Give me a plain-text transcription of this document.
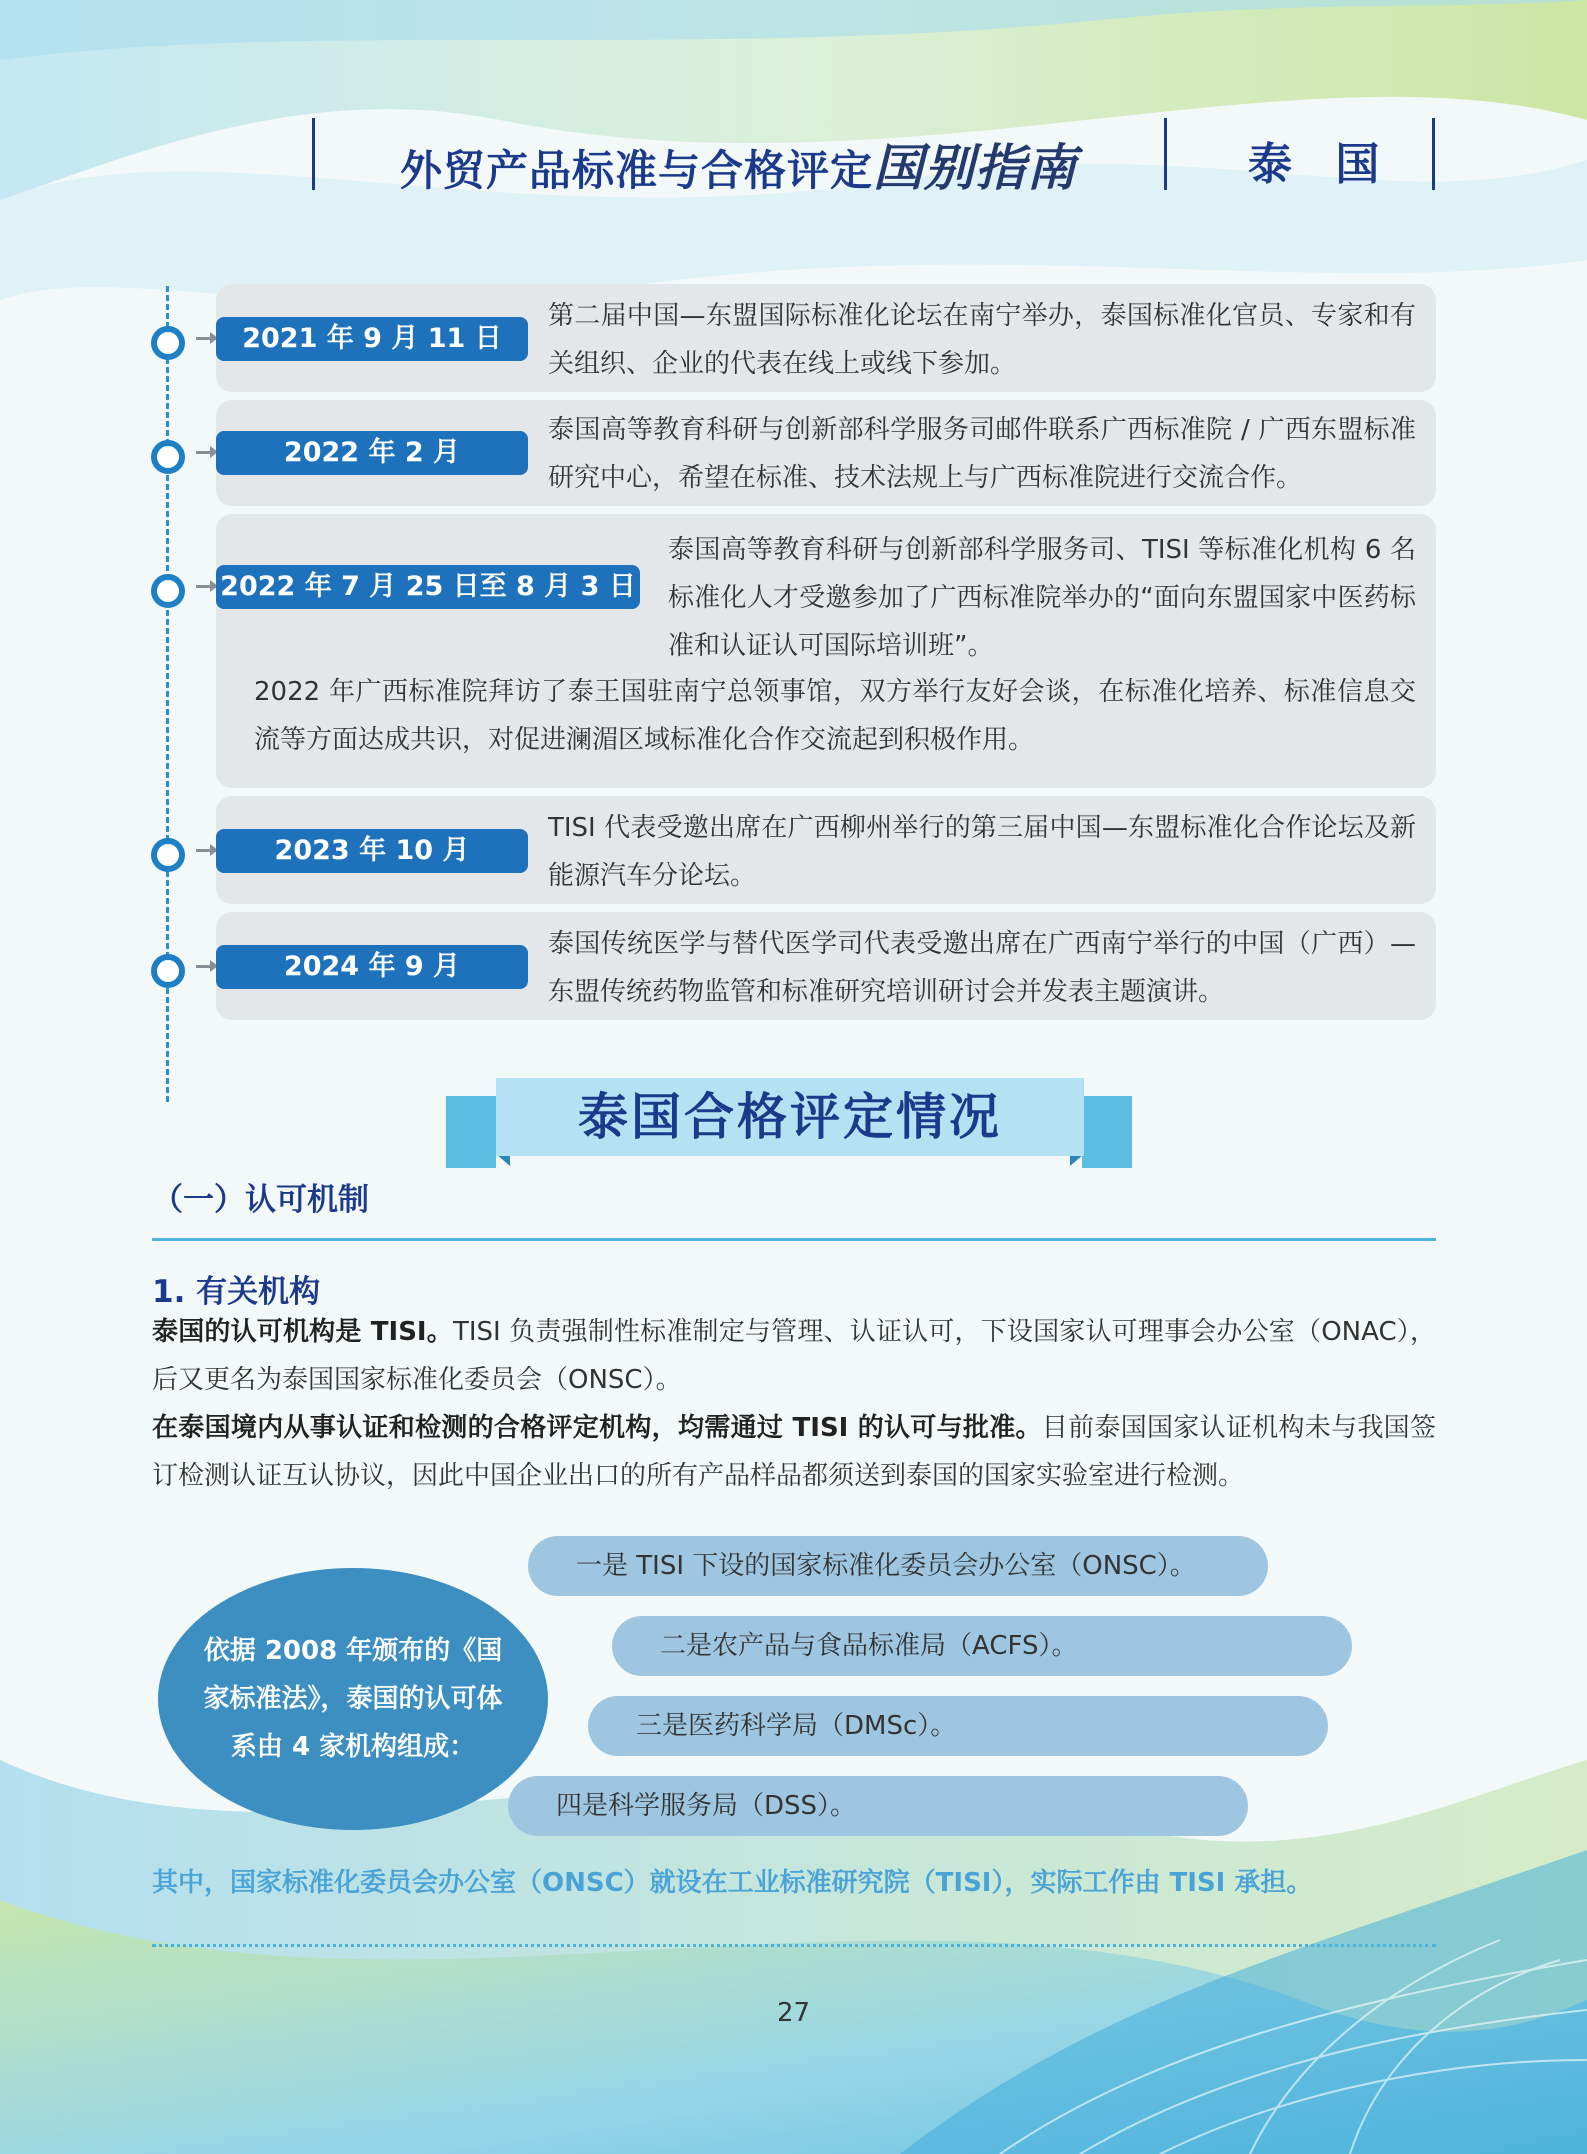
外贸产品标准与合格评定国别指南	泰 国
2021 年 9 月 11 日
第二届中国—东盟国际标准化论坛在南宁举办，泰国标准化官员、专家和有关组织、企业的代表在线上或线下参加。
2022 年 2 月
泰国高等教育科研与创新部科学服务司邮件联系广西标准院 / 广西东盟标准研究中心，希望在标准、技术法规上与广西标准院进行交流合作。
2022 年 7 月 25 日至 8 月 3 日
泰国高等教育科研与创新部科学服务司、TISI 等标准化机构 6 名标准化人才受邀参加了广西标准院举办的“面向东盟国家中医药标准和认证认可国际培训班”。
2022 年广西标准院拜访了泰王国驻南宁总领事馆，双方举行友好会谈，在标准化培养、标准信息交流等方面达成共识，对促进澜湄区域标准化合作交流起到积极作用。
2023 年 10 月
TISI 代表受邀出席在广西柳州举行的第三届中国—东盟标准化合作论坛及新能源汽车分论坛。
2024 年 9 月
泰国传统医学与替代医学司代表受邀出席在广西南宁举行的中国（广西）—东盟传统药物监管和标准研究培训研讨会并发表主题演讲。
泰国合格评定情况
（一）认可机制
1. 有关机构
泰国的认可机构是 TISI。TISI 负责强制性标准制定与管理、认证认可，下设国家认可理事会办公室（ONAC），后又更名为泰国国家标准化委员会（ONSC）。
在泰国境内从事认证和检测的合格评定机构，均需通过 TISI 的认可与批准。目前泰国国家认证机构未与我国签订检测认证互认协议，因此中国企业出口的所有产品样品都须送到泰国的国家实验室进行检测。
依据 2008 年颁布的《国家标准法》，泰国的认可体系由 4 家机构组成：
一是 TISI 下设的国家标准化委员会办公室（ONSC）。
二是农产品与食品标准局（ACFS）。
三是医药科学局（DMSc）。
四是科学服务局（DSS）。
其中，国家标准化委员会办公室（ONSC）就设在工业标准研究院（TISI），实际工作由 TISI 承担。
27
